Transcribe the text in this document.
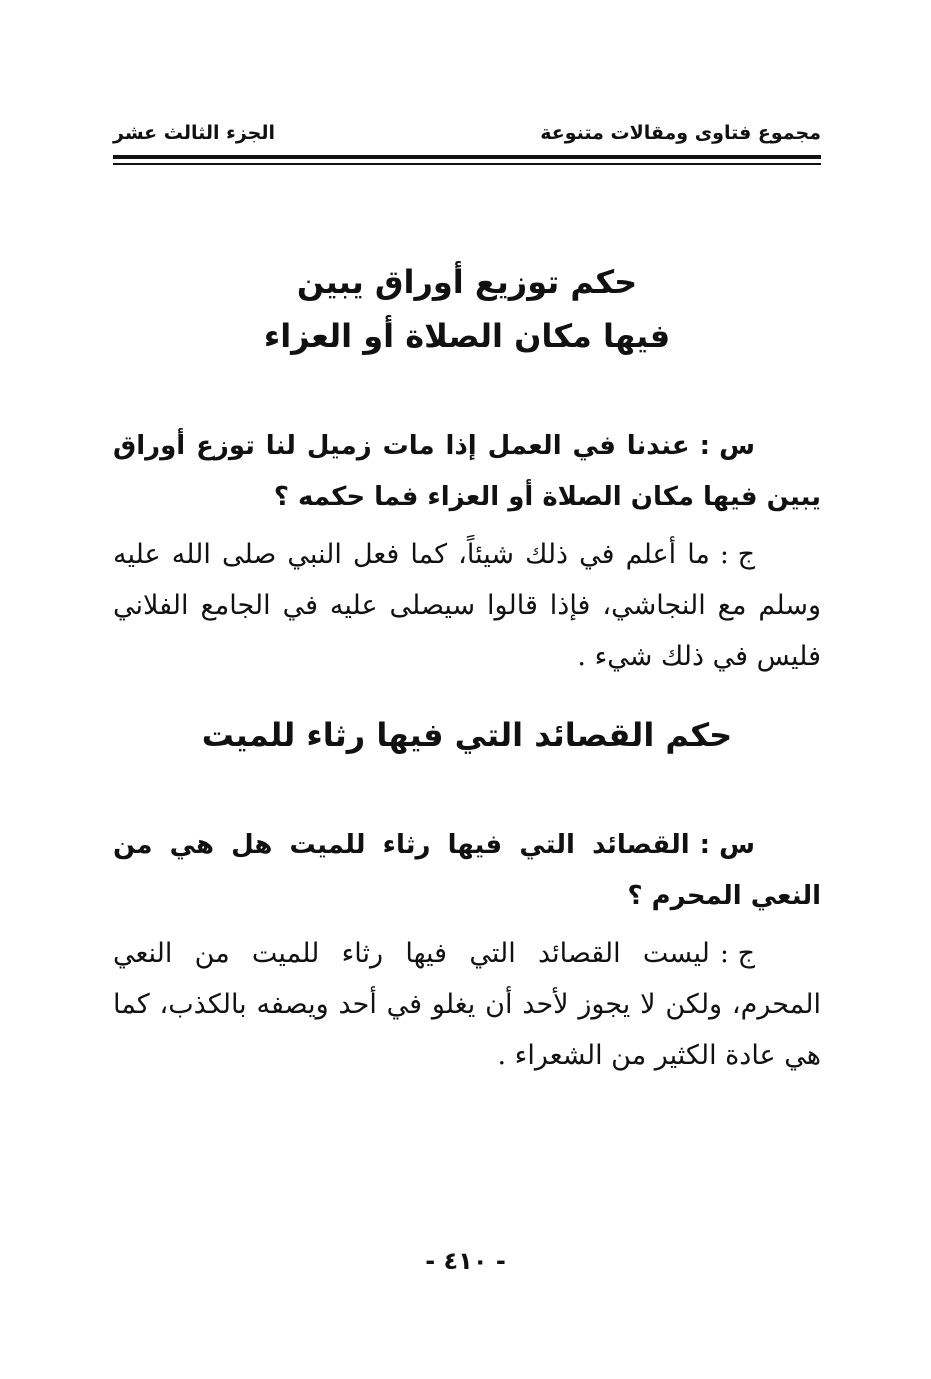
مجموع فتاوى ومقالات متنوعة
الجزء الثالث عشر
حكم توزيع أوراق يبين
فيها مكان الصلاة أو العزاء

س :عندنا في العمل إذا مات زميل لنا توزع أوراق يبين فيها مكان الصلاة أو العزاء فما حكمه ؟

ج :ما أعلم في ذلك شيئاً، كما فعل النبي صلى الله عليه وسلم مع النجاشي، فإذا قالوا سيصلى عليه في الجامع الفلاني فليس في ذلك شيء .

حكم القصائد التي فيها رثاء للميت

س :القصائد التي فيها رثاء للميت هل هي من النعي المحرم ؟

ج :ليست القصائد التي فيها رثاء للميت من النعي المحرم، ولكن لا يجوز لأحد أن يغلو في أحد ويصفه بالكذب، كما هي عادة الكثير من الشعراء .

- ٤١٠ -
